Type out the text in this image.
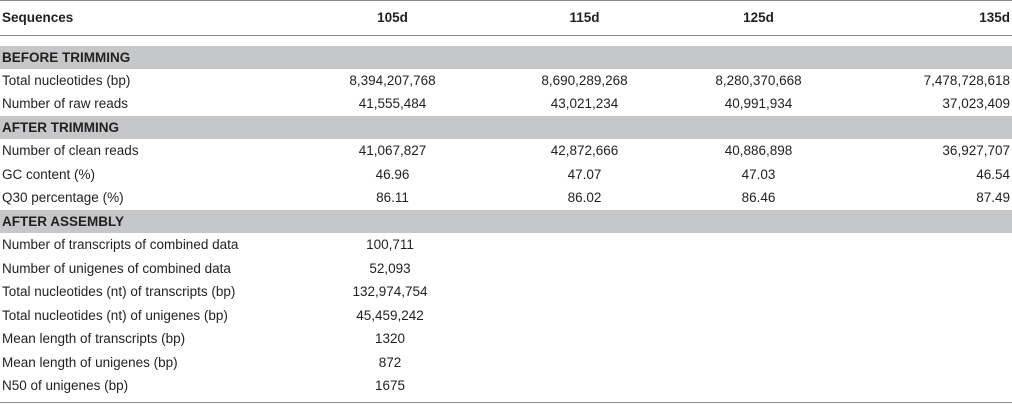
Sequences	105d	115d	125d	135d
BEFORE TRIMMING
Total nucleotides (bp)	8,394,207,768	8,690,289,268	8,280,370,668	7,478,728,618
Number of raw reads	41,555,484	43,021,234	40,991,934	37,023,409
AFTER TRIMMING
Number of clean reads	41,067,827	42,872,666	40,886,898	36,927,707
GC content (%)	46.96	47.07	47.03	46.54
Q30 percentage (%)	86.11	86.02	86.46	87.49
AFTER ASSEMBLY
Number of transcripts of combined data	100,711
Number of unigenes of combined data	52,093
Total nucleotides (nt) of transcripts (bp)	132,974,754
Total nucleotides (nt) of unigenes (bp)	45,459,242
Mean length of transcripts (bp)	1320
Mean length of unigenes (bp)	872
N50 of unigenes (bp)	1675
